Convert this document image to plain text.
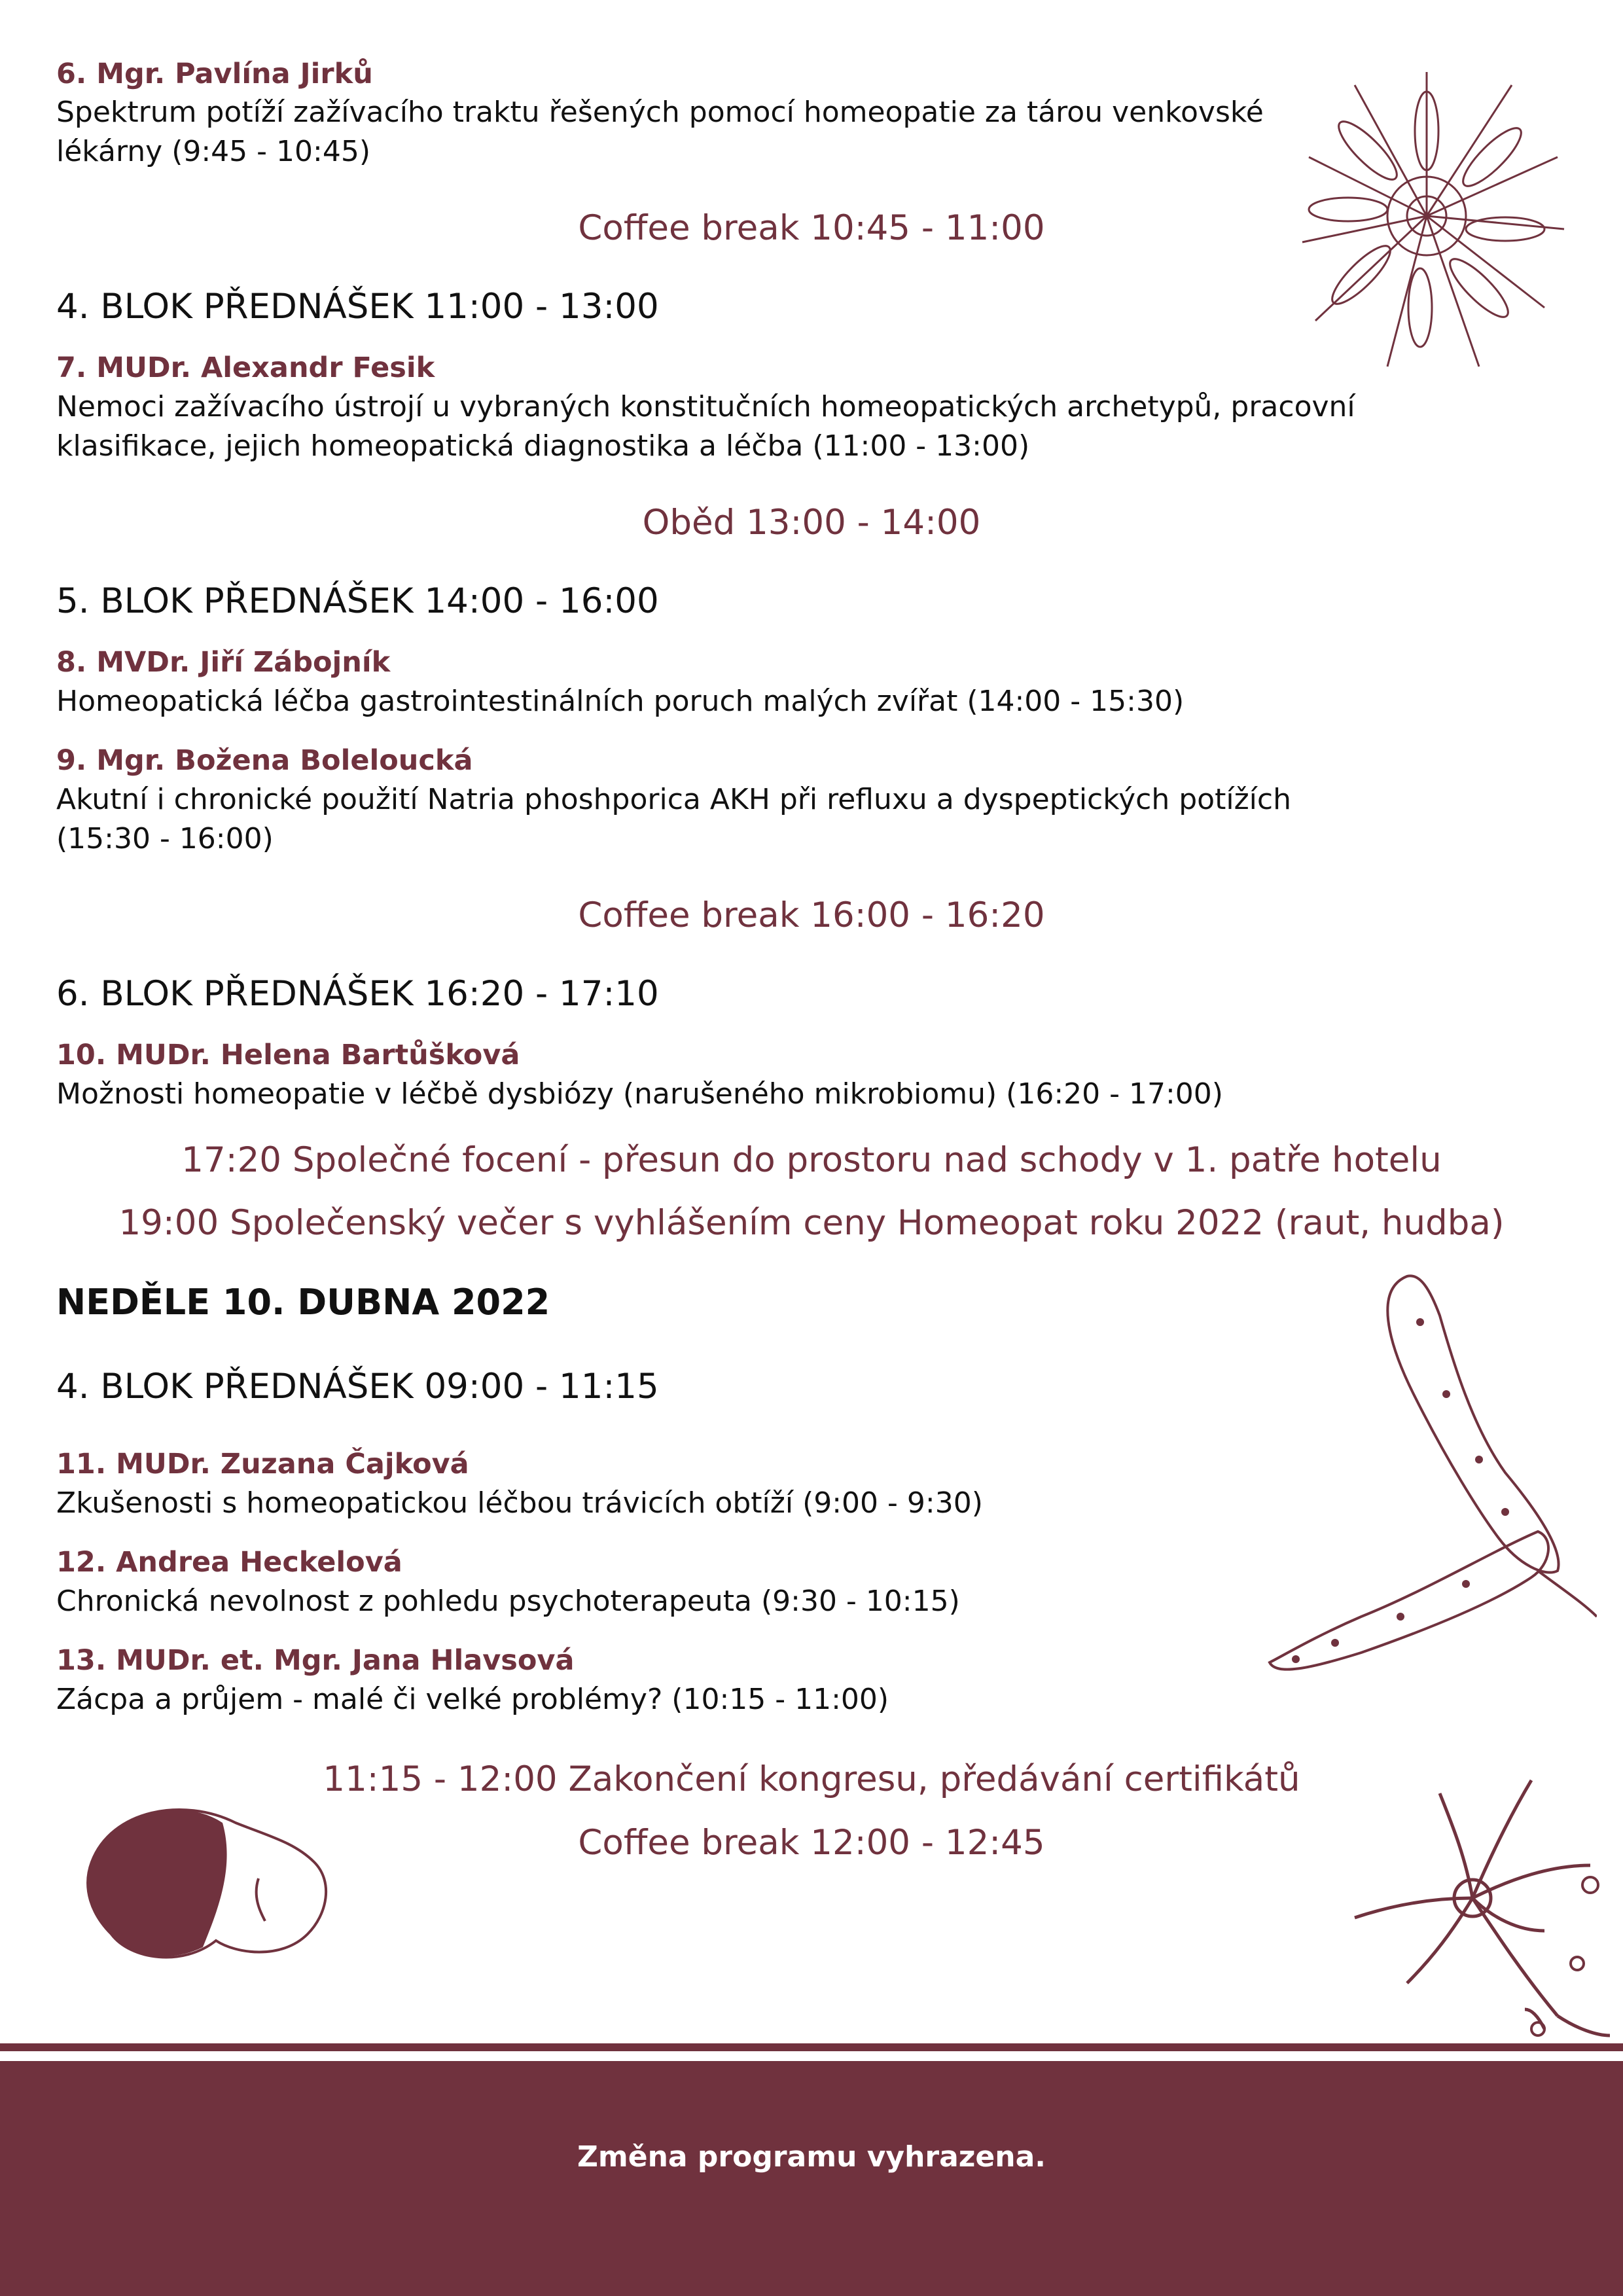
6. Mgr. Pavlína Jirků
Spektrum potíží zažívacího traktu řešených pomocí homeopatie za tárou venkovské
lékárny (9:45 - 10:45)
Coffee break 10:45 - 11:00
4. BLOK PŘEDNÁŠEK 11:00 - 13:00
7. MUDr. Alexandr Fesik
Nemoci zažívacího ústrojí u vybraných konstitučních homeopatických archetypů, pracovní
klasifikace, jejich homeopatická diagnostika a léčba (11:00 - 13:00)
Oběd 13:00 - 14:00
5. BLOK PŘEDNÁŠEK 14:00 - 16:00
8. MVDr. Jiří Zábojník
Homeopatická léčba gastrointestinálních poruch malých zvířat (14:00 - 15:30)
9. Mgr. Božena Boleloucká
Akutní i chronické použití Natria phoshporica AKH při refluxu a dyspeptických potížích
(15:30 - 16:00)
Coffee break 16:00 - 16:20
6. BLOK PŘEDNÁŠEK 16:20 - 17:10
10. MUDr. Helena Bartůšková
Možnosti homeopatie v léčbě dysbiózy (narušeného mikrobiomu) (16:20 - 17:00)
17:20 Společné focení - přesun do prostoru nad schody v 1. patře hotelu
19:00 Společenský večer s vyhlášením ceny Homeopat roku 2022 (raut, hudba)
NEDĚLE 10. DUBNA 2022
4. BLOK PŘEDNÁŠEK 09:00 - 11:15
11. MUDr. Zuzana Čajková
Zkušenosti s homeopatickou léčbou trávicích obtíží (9:00 - 9:30)
12. Andrea Heckelová
Chronická nevolnost z pohledu psychoterapeuta (9:30 - 10:15)
13. MUDr. et. Mgr. Jana Hlavsová
Zácpa a průjem - malé či velké problémy? (10:15 - 11:00)
11:15 - 12:00 Zakončení kongresu, předávání certifikátů
Coffee break 12:00 - 12:45
Změna programu vyhrazena.
